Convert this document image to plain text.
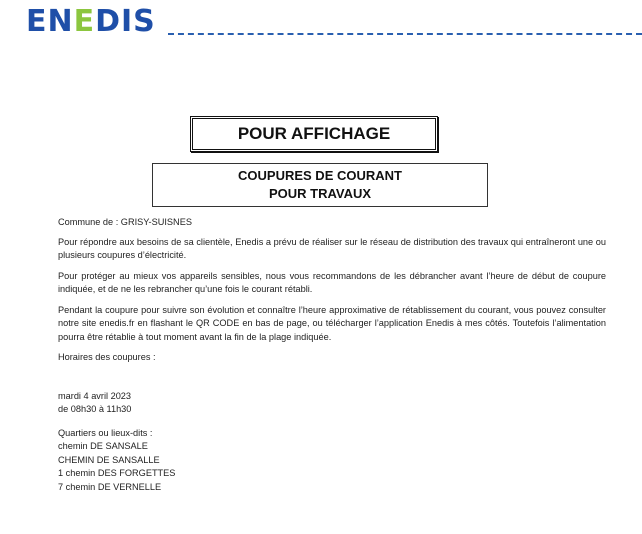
ENEDIS
POUR AFFICHAGE
COUPURES DE COURANT
POUR TRAVAUX

Commune de : GRISY-SUISNES

Pour répondre aux besoins de sa clientèle, Enedis a prévu de réaliser sur le réseau de distribution des travaux qui entraîneront une ou plusieurs coupures d’électricité.

Pour protéger au mieux vos appareils sensibles, nous vous recommandons de les débrancher avant l’heure de début de coupure indiquée, et de ne les rebrancher qu’une fois le courant rétabli.

Pendant la coupure pour suivre son évolution et connaître l’heure approximative de rétablissement du courant, vous pouvez consulter notre site enedis.fr en flashant le QR CODE en bas de page, ou télécharger l’application Enedis à mes côtés. Toutefois l’alimentation pourra être rétablie à tout moment avant la fin de la plage indiquée.

Horaires des coupures :

mardi 4 avril 2023
de 08h30 à 11h30

Quartiers ou lieux-dits :
chemin DE SANSALE
CHEMIN DE SANSALLE
1 chemin DES FORGETTES
7 chemin DE VERNELLE
